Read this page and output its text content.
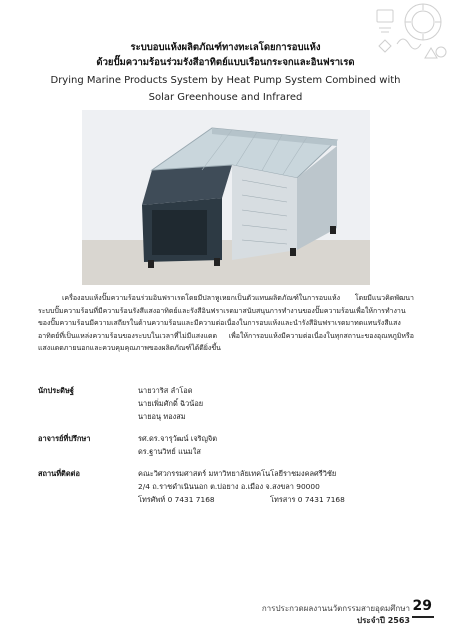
ระบบอบแห้งผลิตภัณฑ์ทางทะเลโดยการอบแห้ง

ด้วยปั๊มความร้อนร่วมรังสีอาทิตย์แบบเรือนกระจกและอินฟราเรด

Drying Marine Products System by Heat Pump System Combined with

Solar Greenhouse and Infrared

เครื่องอบแห้งปั๊มความร้อนร่วมอินฟราเรดโดยมีปลาหูเหยกเป็นตัวแทนผลิตภัณฑ์ในการอบแห้ง โดยมีแนวคิดพัฒนาระบบปั๊มความร้อนที่มีความร้อนรังสีแสงอาทิตย์และรังสีอินฟราเรดมาสนับสนุนการทำงานของปั๊มความร้อนเพื่อให้การทำงานของปั๊มความร้อนมีความเสถียรในด้านความร้อนและมีความต่อเนื่องในการอบแห้งและนำรังสีอินฟราเรดมาทดแทนรังสีแสงอาทิตย์ที่เป็นแหล่งความร้อนของระบบในเวลาที่ไม่มีแสงแดด เพื่อให้การอบแห้งมีความต่อเนื่องในทุกสถานะของอุณหภูมิหรือแสงแดดภายนอกและควบคุมคุณภาพของผลิตภัณฑ์ได้ดียิ่งขึ้น

นักประดิษฐ์	นายวาริส ลำโอด
นายเพิ่มศักดิ์ ฉิวน้อย
นายอนุ ทองสม
อาจารย์ที่ปรึกษา	รศ.ดร.จารุวัฒน์ เจริญจิต
ดร.ฐานวิทย์ แนมใส
สถานที่ติดต่อ	คณะวิศวกรรมศาสตร์ มหาวิทยาลัยเทคโนโลยีราชมงคลศรีวิชัย
2/4 ถ.ราชดำเนินนอก ต.บ่อยาง อ.เมือง จ.สงขลา 90000
โทรศัพท์ 0 7431 7168	โทรสาร 0 7431 7168
การประกวดผลงานนวัตกรรมสายอุดมศึกษา
ประจำปี 2563
29
